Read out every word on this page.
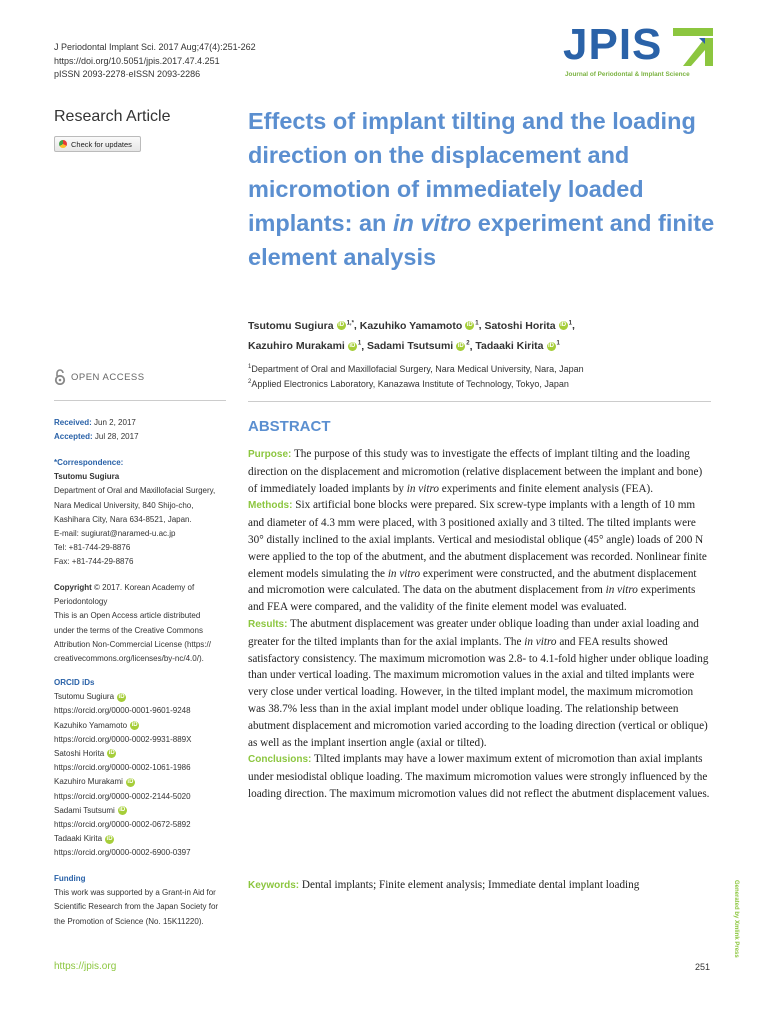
J Periodontal Implant Sci. 2017 Aug;47(4):251-262
https://doi.org/10.5051/jpis.2017.47.4.251
pISSN 2093-2278·eISSN 2093-2286
JPIS
Journal of Periodontal & Implant Science
Research Article
Check for updates
Effects of implant tilting and the loading direction on the displacement and micromotion of immediately loaded implants: an in vitro experiment and finite element analysis
Tsutomu Sugiura iD $^{1,*}$, Kazuhiko Yamamoto iD $^1$, Satoshi Horita iD $^1$,
Kazuhiro Murakami iD $^1$, Sadami Tsutsumi iD $^2$, Tadaaki Kirita iD $^1$
$^1$Department of Oral and Maxillofacial Surgery, Nara Medical University, Nara, Japan
$^2$Applied Electronics Laboratory, Kanazawa Institute of Technology, Tokyo, Japan
OPEN ACCESS
Received: Jun 2, 2017
Accepted: Jul 28, 2017
*Correspondence:
Tsutomu Sugiura
Department of Oral and Maxillofacial Surgery,
Nara Medical University, 840 Shijo-cho,
Kashihara City, Nara 634-8521, Japan.
E-mail: sugiurat@naramed-u.ac.jp
Tel: +81-744-29-8876
Fax: +81-744-29-8876
Copyright © 2017. Korean Academy of
Periodontology
This is an Open Access article distributed
under the terms of the Creative Commons
Attribution Non-Commercial License (https://
creativecommons.org/licenses/by-nc/4.0/).
ORCID iDs
Tsutomu Sugiura iD
https://orcid.org/0000-0001-9601-9248
Kazuhiko Yamamoto iD
https://orcid.org/0000-0002-9931-889X
Satoshi Horita iD
https://orcid.org/0000-0002-1061-1986
Kazuhiro Murakami iD
https://orcid.org/0000-0002-2144-5020
Sadami Tsutsumi iD
https://orcid.org/0000-0002-0672-5892
Tadaaki Kirita iD
https://orcid.org/0000-0002-6900-0397
Funding
This work was supported by a Grant-in Aid for
Scientific Research from the Japan Society for
the Promotion of Science (No. 15K11220).
ABSTRACT

Purpose: The purpose of this study was to investigate the effects of implant tilting and the loading direction on the displacement and micromotion (relative displacement between the implant and bone) of immediately loaded implants by in vitro experiments and finite element analysis (FEA).

Methods: Six artificial bone blocks were prepared. Six screw-type implants with a length of 10 mm and diameter of 4.3 mm were placed, with 3 positioned axially and 3 tilted. The tilted implants were 30° distally inclined to the axial implants. Vertical and mesiodistal oblique (45° angle) loads of 200 N were applied to the top of the abutment, and the abutment displacement was recorded. Nonlinear finite element models simulating the in vitro experiment were constructed, and the abutment displacement and micromotion were calculated. The data on the abutment displacement from in vitro experiments and FEA were compared, and the validity of the finite element model was evaluated.

Results: The abutment displacement was greater under oblique loading than under axial loading and greater for the tilted implants than for the axial implants. The in vitro and FEA results showed satisfactory consistency. The maximum micromotion was 2.8- to 4.1-fold higher under oblique loading than under vertical loading. The maximum micromotion values in the axial and tilted implants were very close under vertical loading. However, in the tilted implant model, the maximum micromotion was 38.7% less than in the axial implant model under oblique loading. The relationship between abutment displacement and micromotion varied according to the loading direction (vertical or oblique) as well as the implant insertion angle (axial or tilted).

Conclusions: Tilted implants may have a lower maximum extent of micromotion than axial implants under mesiodistal oblique loading. The maximum micromotion values were strongly influenced by the loading direction. The maximum micromotion values did not reflect the abutment displacement values.

Keywords: Dental implants; Finite element analysis; Immediate dental implant loading
https://jpis.org	251
Generated by Xmlink Press
